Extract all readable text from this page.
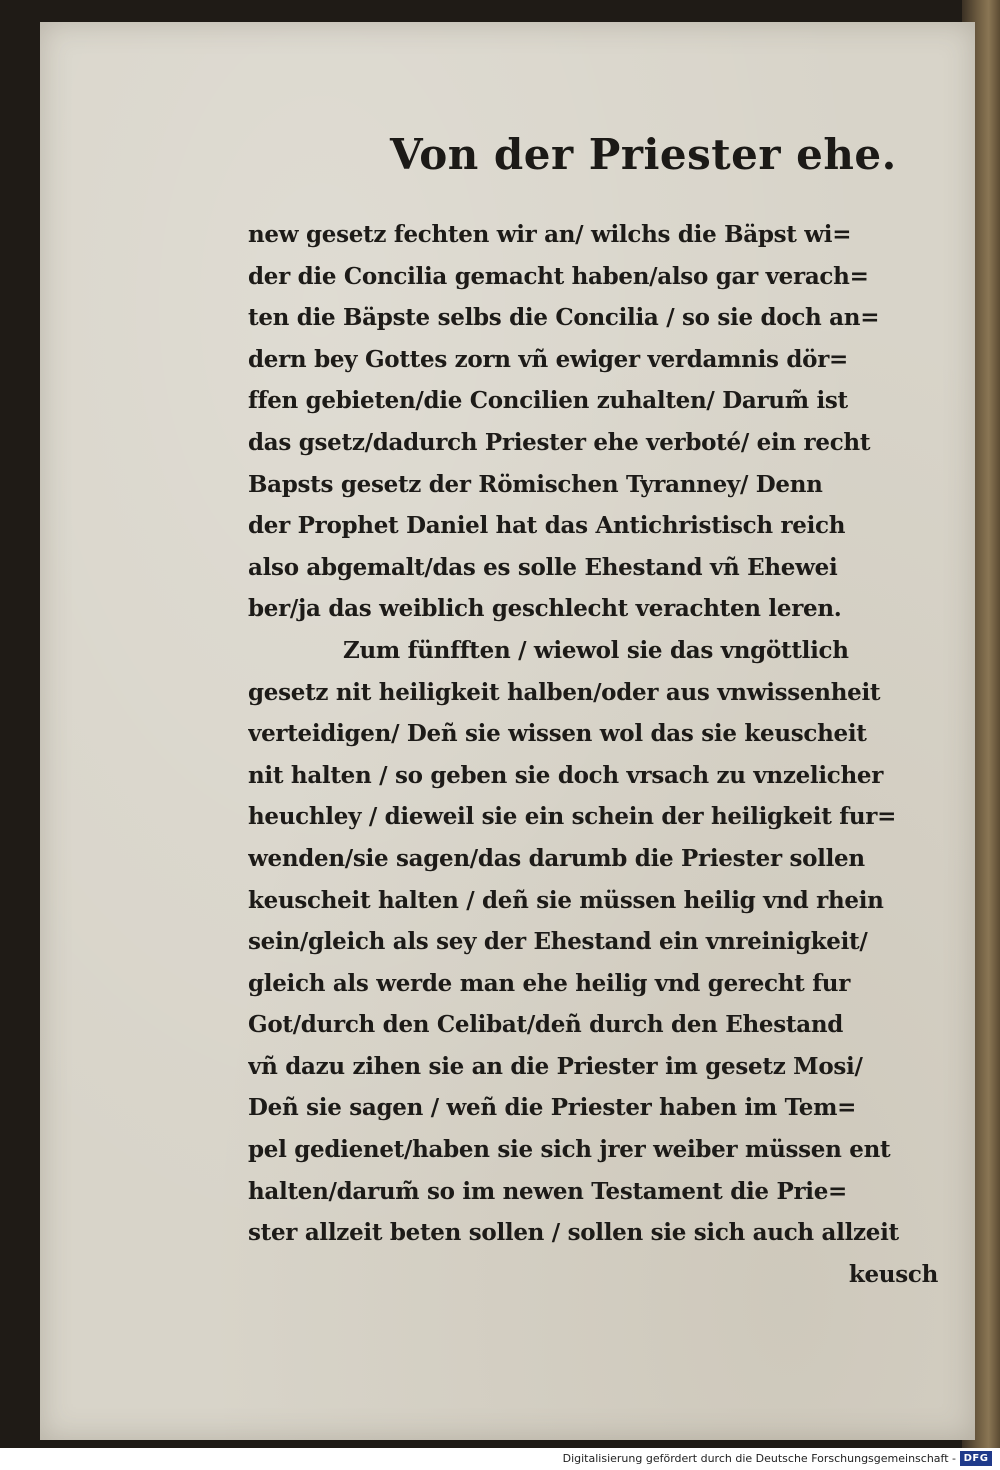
Von der Priester ehe.
new gesetz fechten wir an/ wilchs die Bäpst wi=
der die Concilia gemacht haben/also gar verach=
ten die Bäpste selbs die Concilia / so sie doch an=
dern bey Gottes zorn vñ ewiger verdamnis dör=
ffen gebieten/die Concilien zuhalten/ Darum̃ ist
das gsetz/dadurch Priester ehe verboté/ ein recht
Bapsts gesetz der Römischen Tyranney/ Denn
der Prophet Daniel hat das Antichristisch reich
also abgemalt/das es solle Ehestand vñ Ehewei
ber/ja das weiblich geschlecht verachten leren.
Zum fünfften / wiewol sie das vngöttlich
gesetz nit heiligkeit halben/oder aus vnwissenheit
verteidigen/ Deñ sie wissen wol das sie keuscheit
nit halten / so geben sie doch vrsach zu vnzelicher
heuchley / dieweil sie ein schein der heiligkeit fur=
wenden/sie sagen/das darumb die Priester sollen
keuscheit halten / deñ sie müssen heilig vnd rhein
sein/gleich als sey der Ehestand ein vnreinigkeit/
gleich als werde man ehe heilig vnd gerecht fur
Got/durch den Celibat/deñ durch den Ehestand
vñ dazu zihen sie an die Priester im gesetz Mosi/
Deñ sie sagen / weñ die Priester haben im Tem=
pel gedienet/haben sie sich jrer weiber müssen ent
halten/darum̃ so im newen Testament die Prie=
ster allzeit beten sollen / sollen sie sich auch allzeit
keusch
Digitalisierung gefördert durch die Deutsche Forschungsgemeinschaft - DFG
